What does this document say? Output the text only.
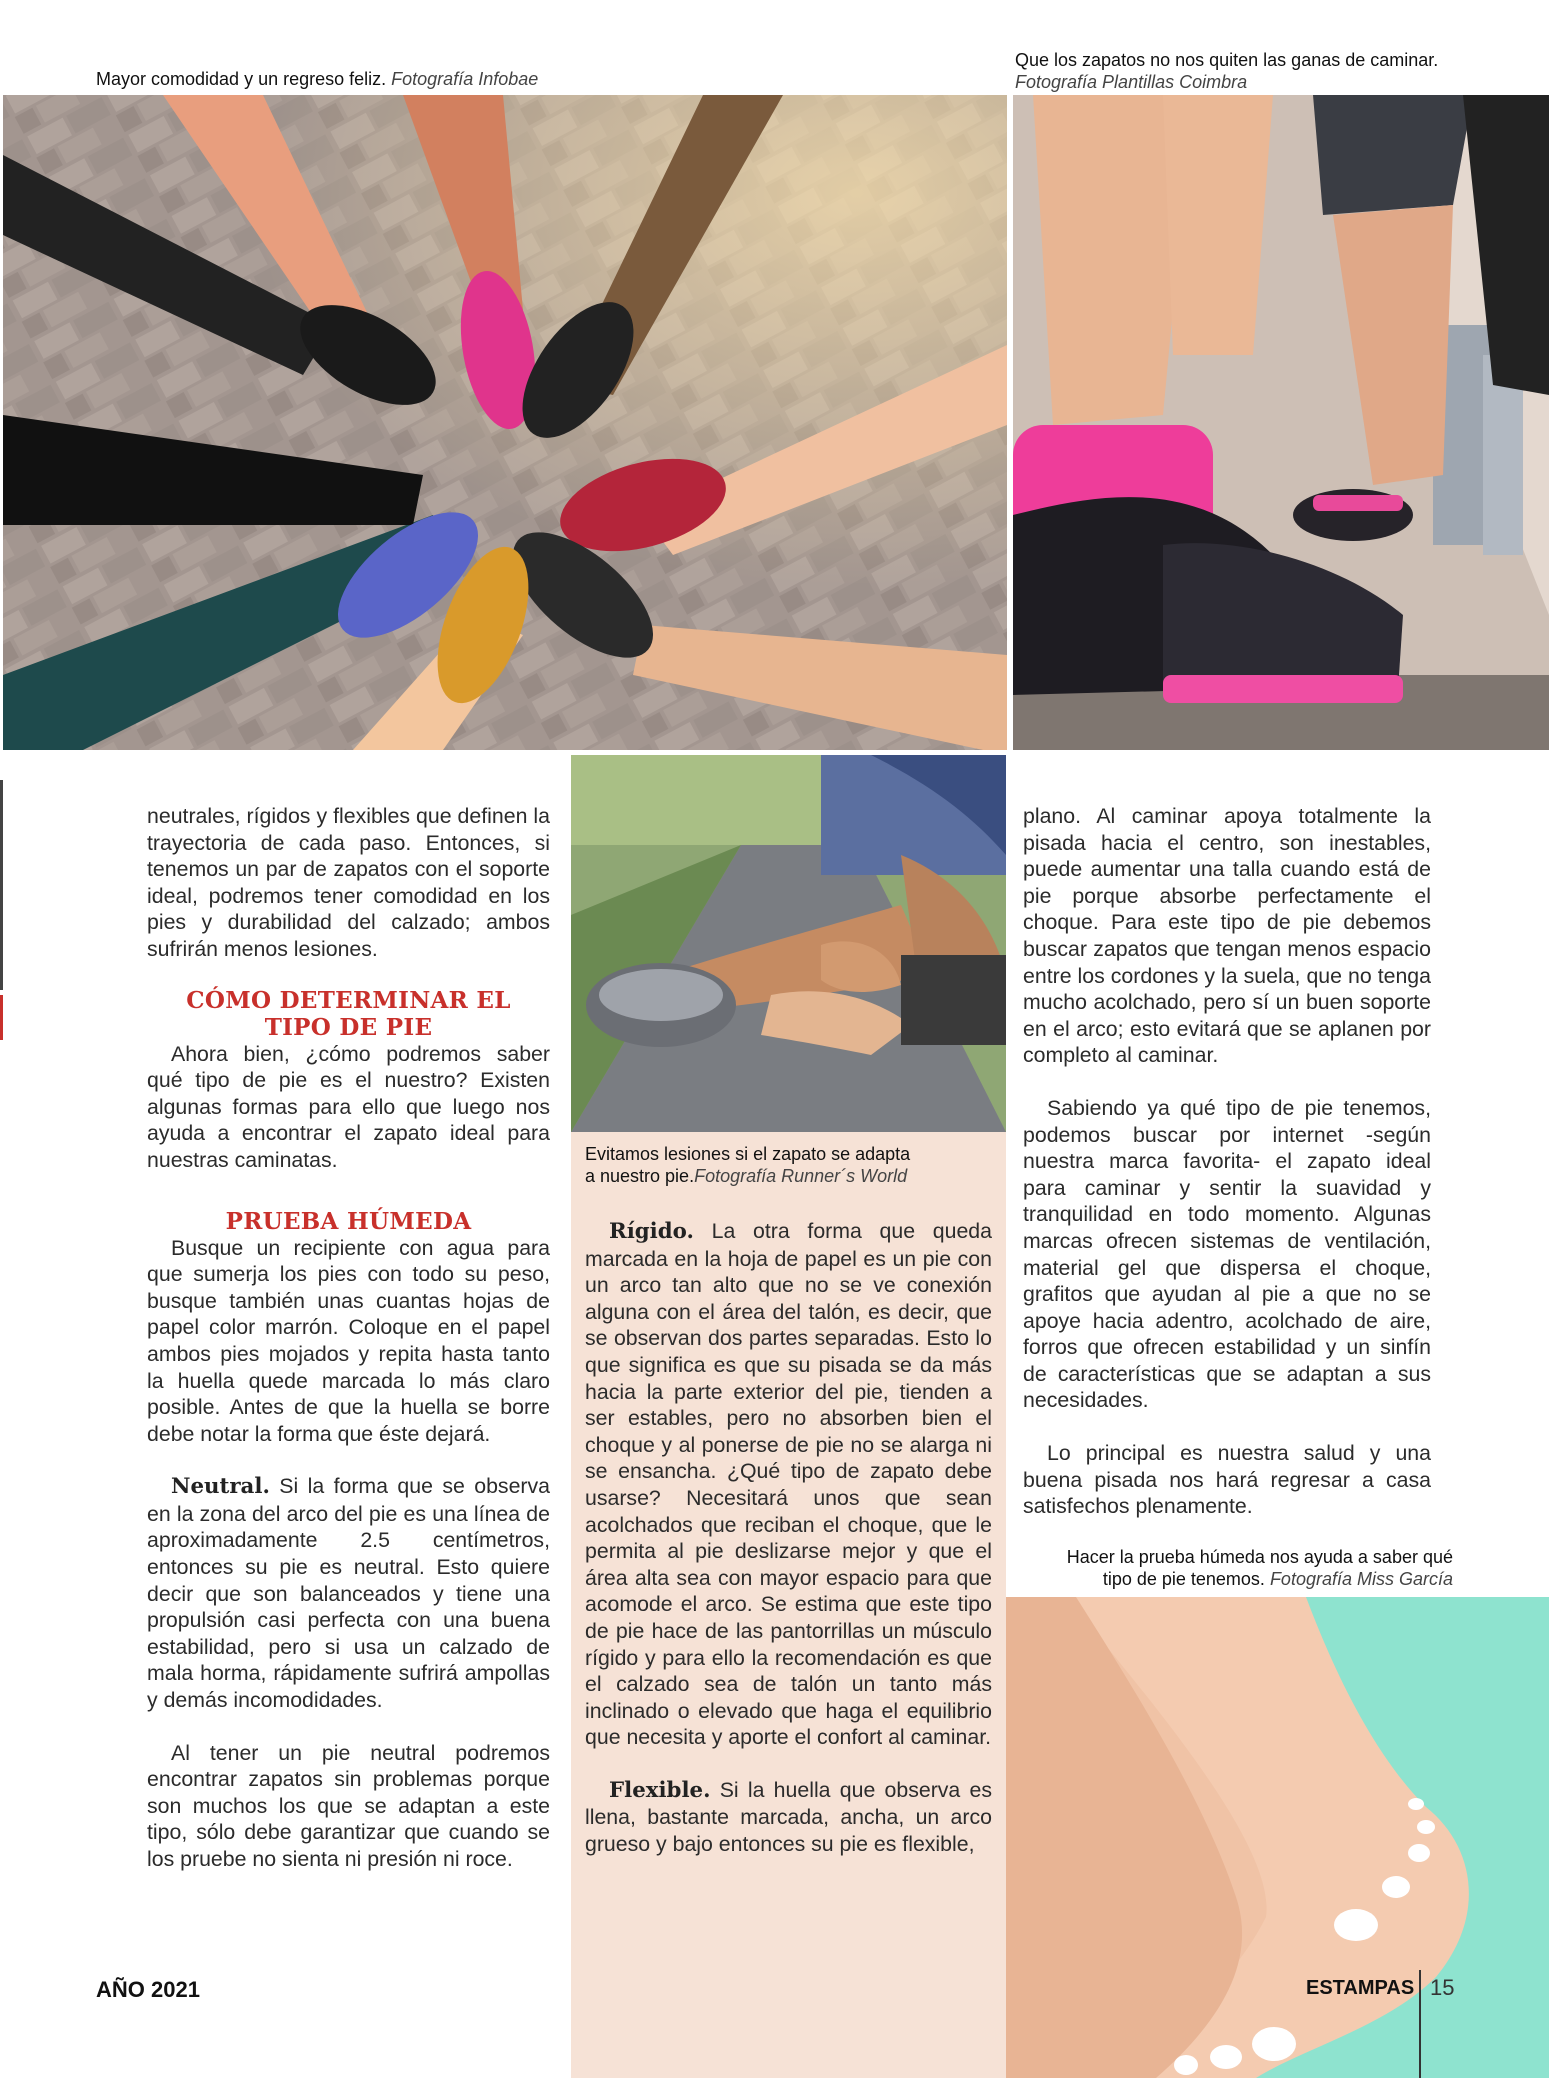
Mayor comodidad y un regreso feliz. Fotografía Infobae
Que los zapatos no nos quiten las ganas de caminar.
Fotografía Plantillas Coimbra
Evitamos lesiones si el zapato se adapta
a nuestro pie.Fotografía Runner´s World

neutrales, rígidos y flexibles que definen la trayectoria de cada paso. Entonces, si tenemos un par de zapatos con el soporte ideal, podremos tener comodidad en los pies y durabilidad del calzado; ambos sufrirán menos lesiones.

CÓMO DETERMINAR EL
TIPO DE PIE

Ahora bien, ¿cómo podremos saber qué tipo de pie es el nuestro? Existen algunas formas para ello que luego nos ayuda a encontrar el zapato ideal para nuestras caminatas.

PRUEBA HÚMEDA

Busque un recipiente con agua para que sumerja los pies con todo su peso, busque también unas cuantas hojas de papel color marrón. Coloque en el papel ambos pies mojados y repita hasta tanto la huella quede marcada lo más claro posible. Antes de que la huella se borre debe notar la forma que éste dejará.

Neutral. Si la forma que se observa en la zona del arco del pie es una línea de aproximadamente 2.5 centímetros, entonces su pie es neutral. Esto quiere decir que son balanceados y tiene una propulsión casi perfecta con una buena estabilidad, pero si usa un calzado de mala horma, rápidamente sufrirá ampollas y demás incomodidades.

Al tener un pie neutral podremos encontrar zapatos sin problemas porque son muchos los que se adaptan a este tipo, sólo debe garantizar que cuando se los pruebe no sienta ni presión ni roce.

Rígido. La otra forma que queda marcada en la hoja de papel es un pie con un arco tan alto que no se ve conexión alguna con el área del talón, es decir, que se observan dos partes separadas. Esto lo que significa es que su pisada se da más hacia la parte exterior del pie, tienden a ser estables, pero no absorben bien el choque y al ponerse de pie no se alarga ni se ensancha. ¿Qué tipo de zapato debe usarse? Necesitará unos que sean acolchados que reciban el choque, que le permita al pie deslizarse mejor y que el área alta sea con mayor espacio para que acomode el arco. Se estima que este tipo de pie hace de las pantorrillas un músculo rígido y para ello la recomendación es que el calzado sea de talón un tanto más inclinado o elevado que haga el equilibrio que necesita y aporte el confort al caminar.

Flexible. Si la huella que observa es llena, bastante marcada, ancha, un arco grueso y bajo entonces su pie es flexible,

plano. Al caminar apoya totalmente la pisada hacia el centro, son inestables, puede aumentar una talla cuando está de pie porque absorbe perfectamente el choque. Para este tipo de pie debemos buscar zapatos que tengan menos espacio entre los cordones y la suela, que no tenga mucho acolchado, pero sí un buen soporte en el arco; esto evitará que se aplanen por completo al caminar.

Sabiendo ya qué tipo de pie tenemos, podemos buscar por internet -según nuestra marca favorita- el zapato ideal para caminar y sentir la suavidad y tranquilidad en todo momento. Algunas marcas ofrecen sistemas de ventilación, material gel que dispersa el choque, grafitos que ayudan al pie a que no se apoye hacia adentro, acolchado de aire, forros que ofrecen estabilidad y un sinfín de características que se adaptan a sus necesidades.

Lo principal es nuestra salud y una buena pisada nos hará regresar a casa satisfechos plenamente.

Hacer la prueba húmeda nos ayuda a saber qué
tipo de pie tenemos. Fotografía Miss García
AÑO 2021	ESTAMPAS 15
